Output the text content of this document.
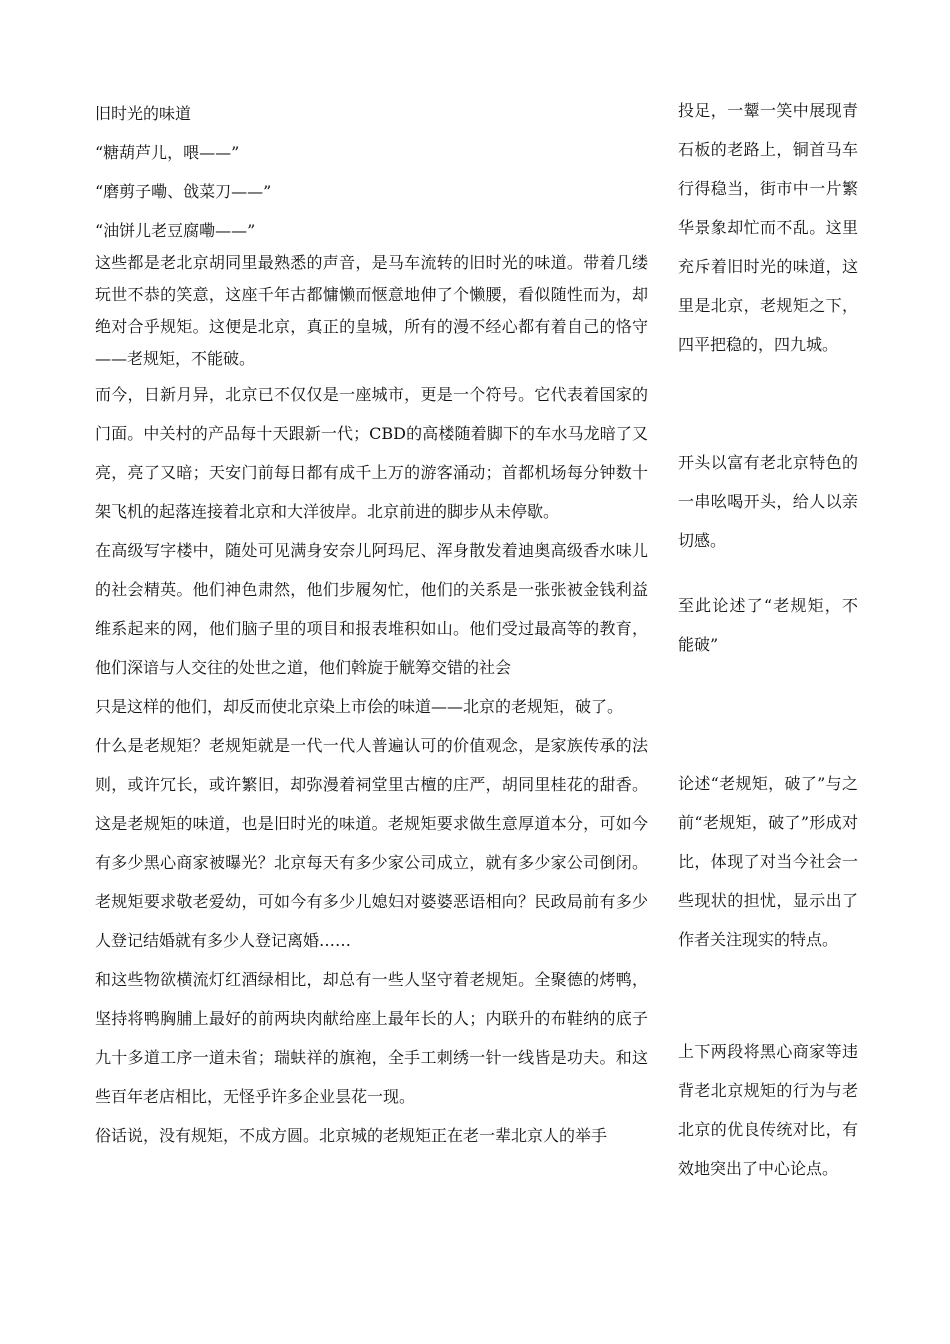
旧时光的味道

“糖葫芦儿，喂——”

“磨剪子嘞、戗菜刀——”

“油饼儿老豆腐嘞——”

这些都是老北京胡同里最熟悉的声音，是马车流转的旧时光的味道。带着几缕玩世不恭的笑意，这座千年古都慵懒而惬意地伸了个懒腰，看似随性而为，却绝对合乎规矩。这便是北京，真正的皇城，所有的漫不经心都有着自己的恪守——老规矩，不能破。

而今，日新月异，北京已不仅仅是一座城市，更是一个符号。它代表着国家的门面。中关村的产品每十天跟新一代；CBD的高楼随着脚下的车水马龙暗了又亮，亮了又暗；天安门前每日都有成千上万的游客涌动；首都机场每分钟数十架飞机的起落连接着北京和大洋彼岸。北京前进的脚步从未停歇。

在高级写字楼中，随处可见满身安奈儿阿玛尼、浑身散发着迪奥高级香水味儿的社会精英。他们神色肃然，他们步履匆忙，他们的关系是一张张被金钱利益维系起来的网，他们脑子里的项目和报表堆积如山。他们受过最高等的教育，他们深谙与人交往的处世之道，他们斡旋于觥筹交错的社会

只是这样的他们，却反而使北京染上市侩的味道——北京的老规矩，破了。

什么是老规矩？老规矩就是一代一代人普遍认可的价值观念，是家族传承的法则，或许冗长，或许繁旧，却弥漫着祠堂里古檀的庄严，胡同里桂花的甜香。这是老规矩的味道，也是旧时光的味道。老规矩要求做生意厚道本分，可如今有多少黑心商家被曝光？北京每天有多少家公司成立，就有多少家公司倒闭。老规矩要求敬老爱幼，可如今有多少儿媳妇对婆婆恶语相向？民政局前有多少人登记结婚就有多少人登记离婚……

和这些物欲横流灯红酒绿相比，却总有一些人坚守着老规矩。全聚德的烤鸭，坚持将鸭胸脯上最好的前两块肉献给座上最年长的人；内联升的布鞋纳的底子九十多道工序一道未省；瑞蚨祥的旗袍，全手工刺绣一针一线皆是功夫。和这些百年老店相比，无怪乎许多企业昙花一现。

俗话说，没有规矩，不成方圆。北京城的老规矩正在老一辈北京人的举手

投足，一颦一笑中展现青石板的老路上，铜首马车行得稳当，街市中一片繁华景象却忙而不乱。这里充斥着旧时光的味道，这里是北京，老规矩之下，四平把稳的，四九城。

开头以富有老北京特色的一串吆喝开头，给人以亲切感。

至此论述了“老规矩，不能破”

论述“老规矩，破了”与之前“老规矩，破了”形成对比，体现了对当今社会一些现状的担忧，显示出了作者关注现实的特点。

上下两段将黑心商家等违背老北京规矩的行为与老北京的优良传统对比，有效地突出了中心论点。
